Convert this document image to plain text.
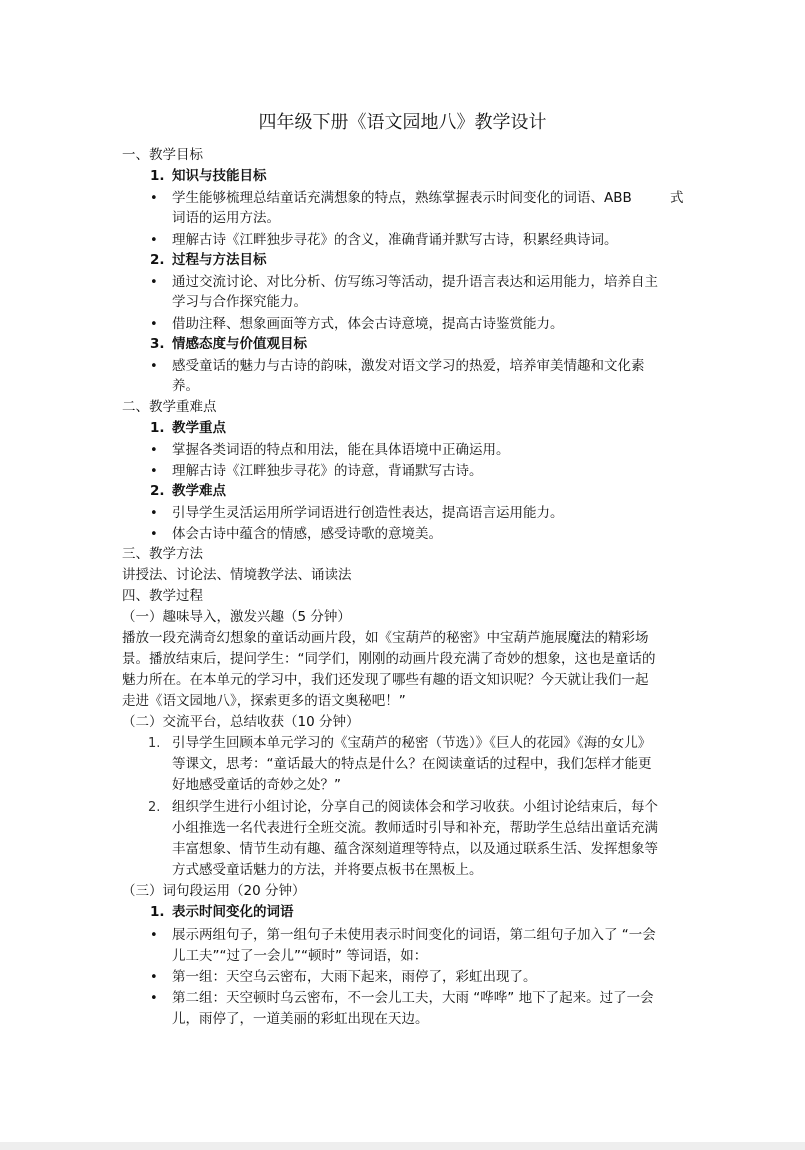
四年级下册《语文园地八》教学设计
一、教学目标
1. 知识与技能目标
• 学生能够梳理总结童话充满想象的特点，熟练掌握表示时间变化的词语、ABB	式
词语的运用方法。
• 理解古诗《江畔独步寻花》的含义，准确背诵并默写古诗，积累经典诗词。
2. 过程与方法目标
• 通过交流讨论、对比分析、仿写练习等活动，提升语言表达和运用能力，培养自主
学习与合作探究能力。
• 借助注释、想象画面等方式，体会古诗意境，提高古诗鉴赏能力。
3. 情感态度与价值观目标
• 感受童话的魅力与古诗的韵味，激发对语文学习的热爱，培养审美情趣和文化素
养。
二、教学重难点
1. 教学重点
• 掌握各类词语的特点和用法，能在具体语境中正确运用。
• 理解古诗《江畔独步寻花》的诗意，背诵默写古诗。
2. 教学难点
• 引导学生灵活运用所学词语进行创造性表达，提高语言运用能力。
• 体会古诗中蕴含的情感，感受诗歌的意境美。
三、教学方法
讲授法、讨论法、情境教学法、诵读法
四、教学过程
（一）趣味导入，激发兴趣（5 分钟）
播放一段充满奇幻想象的童话动画片段，如《宝葫芦的秘密》中宝葫芦施展魔法的精彩场
景。播放结束后，提问学生：“同学们，刚刚的动画片段充满了奇妙的想象，这也是童话的
魅力所在。在本单元的学习中，我们还发现了哪些有趣的语文知识呢？今天就让我们一起
走进《语文园地八》，探索更多的语文奥秘吧！”
（二）交流平台，总结收获（10 分钟）
1. 引导学生回顾本单元学习的《宝葫芦的秘密（节选）》《巨人的花园》《海的女儿》
等课文，思考：“童话最大的特点是什么？在阅读童话的过程中，我们怎样才能更
好地感受童话的奇妙之处？”
2. 组织学生进行小组讨论，分享自己的阅读体会和学习收获。小组讨论结束后，每个
小组推选一名代表进行全班交流。教师适时引导和补充，帮助学生总结出童话充满
丰富想象、情节生动有趣、蕴含深刻道理等特点，以及通过联系生活、发挥想象等
方式感受童话魅力的方法，并将要点板书在黑板上。
（三）词句段运用（20 分钟）
1. 表示时间变化的词语
• 展示两组句子，第一组句子未使用表示时间变化的词语，第二组句子加入了 “一会
儿工夫”“过了一会儿”“顿时” 等词语，如：
• 第一组：天空乌云密布，大雨下起来，雨停了，彩虹出现了。
• 第二组：天空顿时乌云密布，不一会儿工夫，大雨 “哗哗” 地下了起来。过了一会
儿，雨停了，一道美丽的彩虹出现在天边。
